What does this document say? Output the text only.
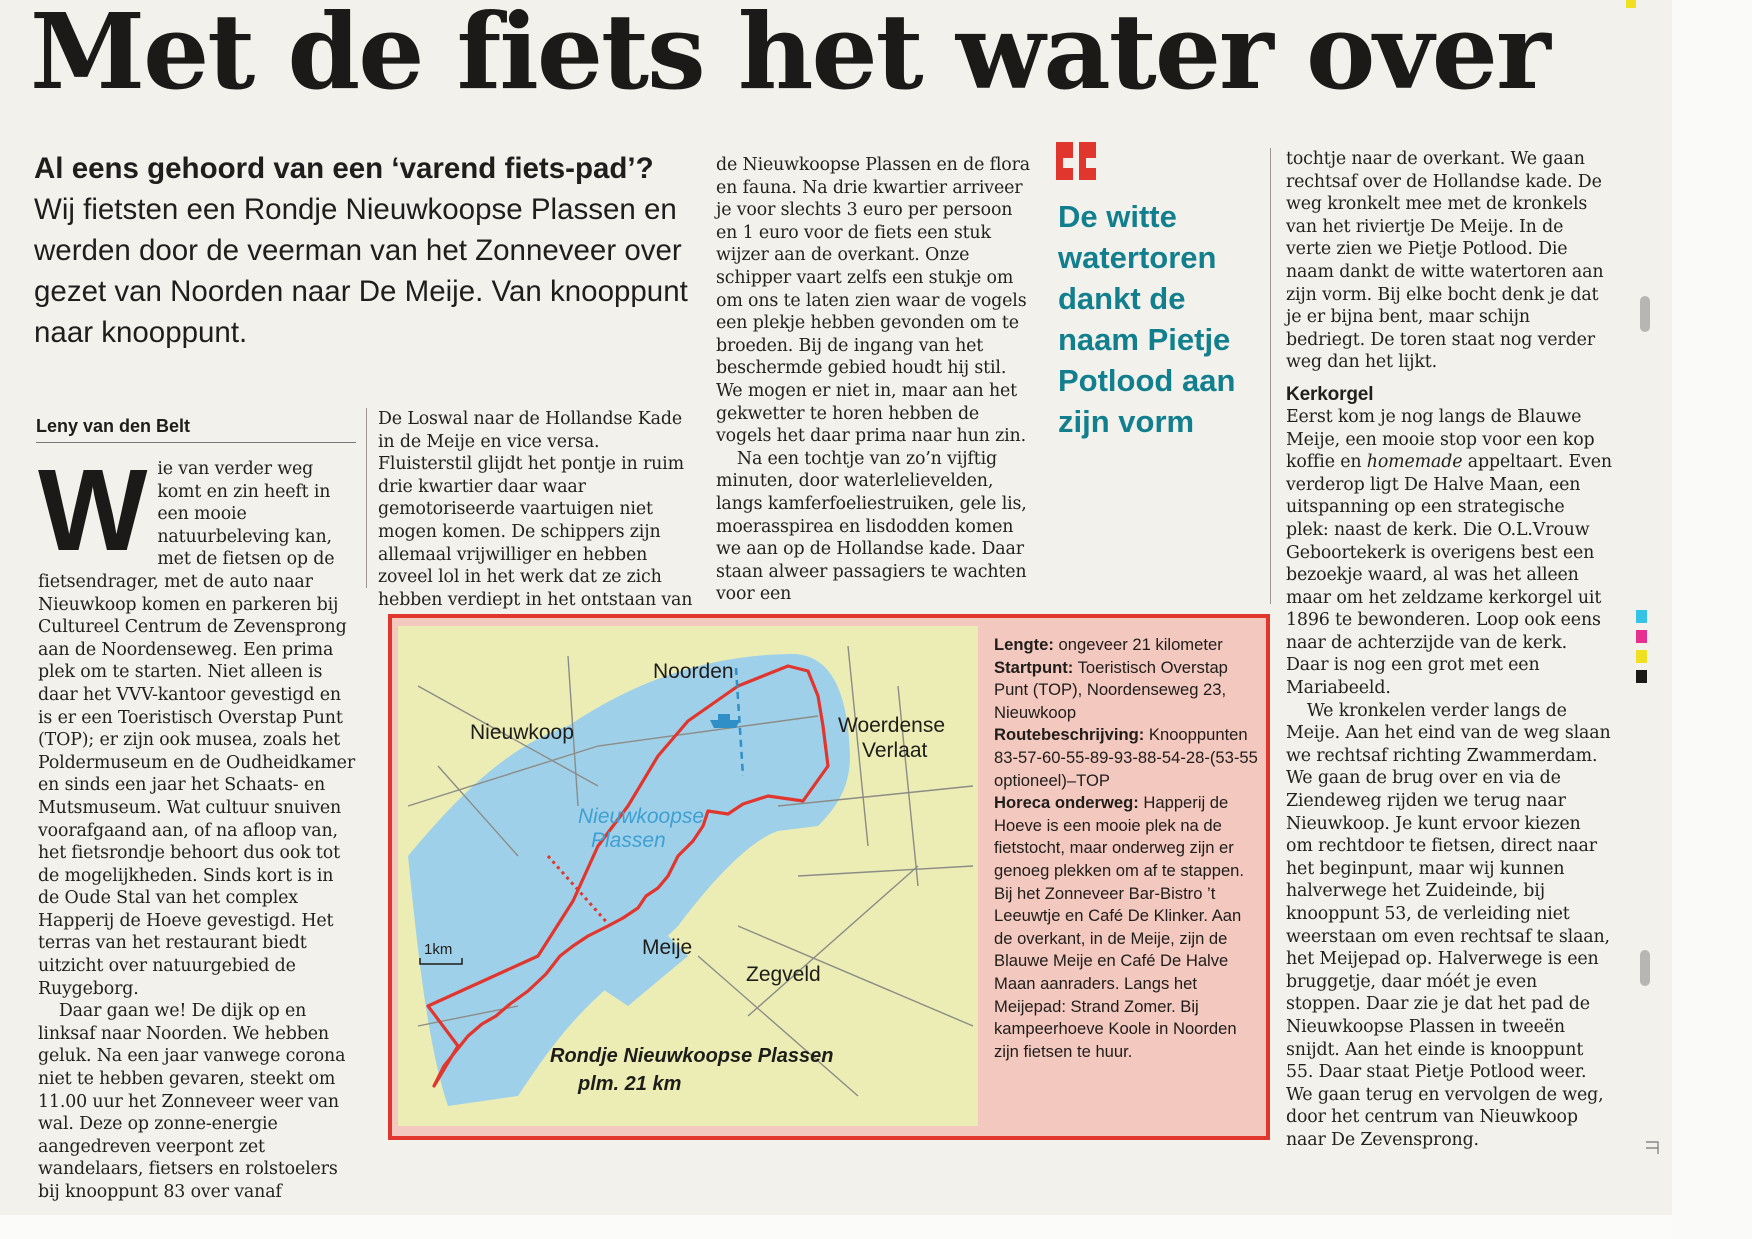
Met de fiets het water over
Al eens gehoord van een ‘varend fiets-pad’? Wij fietsten een Rondje Nieuwkoopse Plassen en werden door de veerman van het Zonneveer over gezet van Noorden naar De Meije. Van knooppunt naar knooppunt.
Leny van den Belt
W ie van verder weg komt en zin heeft in een mooie natuurbeleving kan, met de fietsen op de fietsendrager, met de auto naar Nieuwkoop komen en parkeren bij Cultureel Centrum de Zevensprong aan de Noordenseweg. Een prima plek om te starten. Niet alleen is daar het VVV-kantoor gevestigd en is er een Toeristisch Overstap Punt (TOP); er zijn ook musea, zoals het Poldermuseum en de Oudheidkamer en sinds een jaar het Schaats- en Mutsmuseum. Wat cultuur snuiven voorafgaand aan, of na afloop van, het fietsrondje behoort dus ook tot de mogelijkheden. Sinds kort is in de Oude Stal van het complex Happerij de Hoeve gevestigd. Het terras van het restaurant biedt uitzicht over natuurgebied de Ruygeborg.

Daar gaan we! De dijk op en linksaf naar Noorden. We hebben geluk. Na een jaar vanwege corona niet te hebben gevaren, steekt om 11.00 uur het Zonneveer weer van wal. Deze op zonne-energie aangedreven veerpont zet wandelaars, fietsers en rolstoelers bij knooppunt 83 over vanaf

De Loswal naar de Hollandse Kade in de Meije en vice versa. Fluisterstil glijdt het pontje in ruim drie kwartier daar waar gemotoriseerde vaartuigen niet mogen komen. De schippers zijn allemaal vrijwilliger en hebben zoveel lol in het werk dat ze zich hebben verdiept in het ontstaan van

de Nieuwkoopse Plassen en de flora en fauna. Na drie kwartier arriveer je voor slechts 3 euro per persoon en 1 euro voor de fiets een stuk wijzer aan de overkant. Onze schipper vaart zelfs een stukje om om ons te laten zien waar de vogels een plekje hebben gevonden om te broeden. Bij de ingang van het beschermde gebied houdt hij stil. We mogen er niet in, maar aan het gekwetter te horen hebben de vogels het daar prima naar hun zin.

Na een tochtje van zo’n vijftig minuten, door waterlelievelden, langs kamferfoeliestruiken, gele lis, moerasspirea en lisdodden komen we aan op de Hollandse kade. Daar staan alweer passagiers te wachten voor een

De witte watertoren dankt de naam Pietje Potlood aan zijn vorm

tochtje naar de overkant. We gaan rechtsaf over de Hollandse kade. De weg kronkelt mee met de kronkels van het riviertje De Meije. In de verte zien we Pietje Potlood. Die naam dankt de witte watertoren aan zijn vorm. Bij elke bocht denk je dat je er bijna bent, maar schijn bedriegt. De toren staat nog verder weg dan het lijkt.

Kerkorgel

Eerst kom je nog langs de Blauwe Meije, een mooie stop voor een kop koffie en homemade appeltaart. Even verderop ligt De Halve Maan, een uitspanning op een strategische plek: naast de kerk. Die O.L.Vrouw Geboortekerk is overigens best een bezoekje waard, al was het alleen maar om het zeldzame kerkorgel uit 1896 te bewonderen. Loop ook eens naar de achterzijde van de kerk. Daar is nog een grot met een Mariabeeld.

We kronkelen verder langs de Meije. Aan het eind van de weg slaan we rechtsaf richting Zwammerdam. We gaan de brug over en via de Ziendeweg rijden we terug naar Nieuwkoop. Je kunt ervoor kiezen om rechtdoor te fietsen, direct naar het beginpunt, maar wij kunnen halverwege het Zuideinde, bij knooppunt 53, de verleiding niet weerstaan om even rechtsaf te slaan, het Meijepad op. Halverwege is een bruggetje, daar móét je even stoppen. Daar zie je dat het pad de Nieuwkoopse Plassen in tweeën snijdt. Aan het einde is knooppunt 55. Daar staat Pietje Potlood weer. We gaan terug en vervolgen de weg, door het centrum van Nieuwkoop naar De Zevensprong.

Noorden
Nieuwkoop	Woerdense
Verlaat
Meije
Zegveld
1km
Nieuwkoopse
Plassen
Rondje Nieuwkoopse Plassen
plm. 21 km

Lengte: ongeveer 21 kilometer

Startpunt: Toeristisch Overstap Punt (TOP), Noordenseweg 23, Nieuwkoop

Routebeschrijving: Knooppunten 83-57-60-55-89-93-88-54-28-(53-55 optioneel)–TOP

Horeca onderweg: Happerij de Hoeve is een mooie plek na de fietstocht, maar onderweg zijn er genoeg plekken om af te stappen. Bij het Zonneveer Bar-Bistro ’t Leeuwtje en Café De Klinker. Aan de overkant, in de Meije, zijn de Blauwe Meije en Café De Halve Maan aanraders. Langs het Meijepad: Strand Zomer. Bij kampeerhoeve Koole in Noorden zijn fietsen te huur.
